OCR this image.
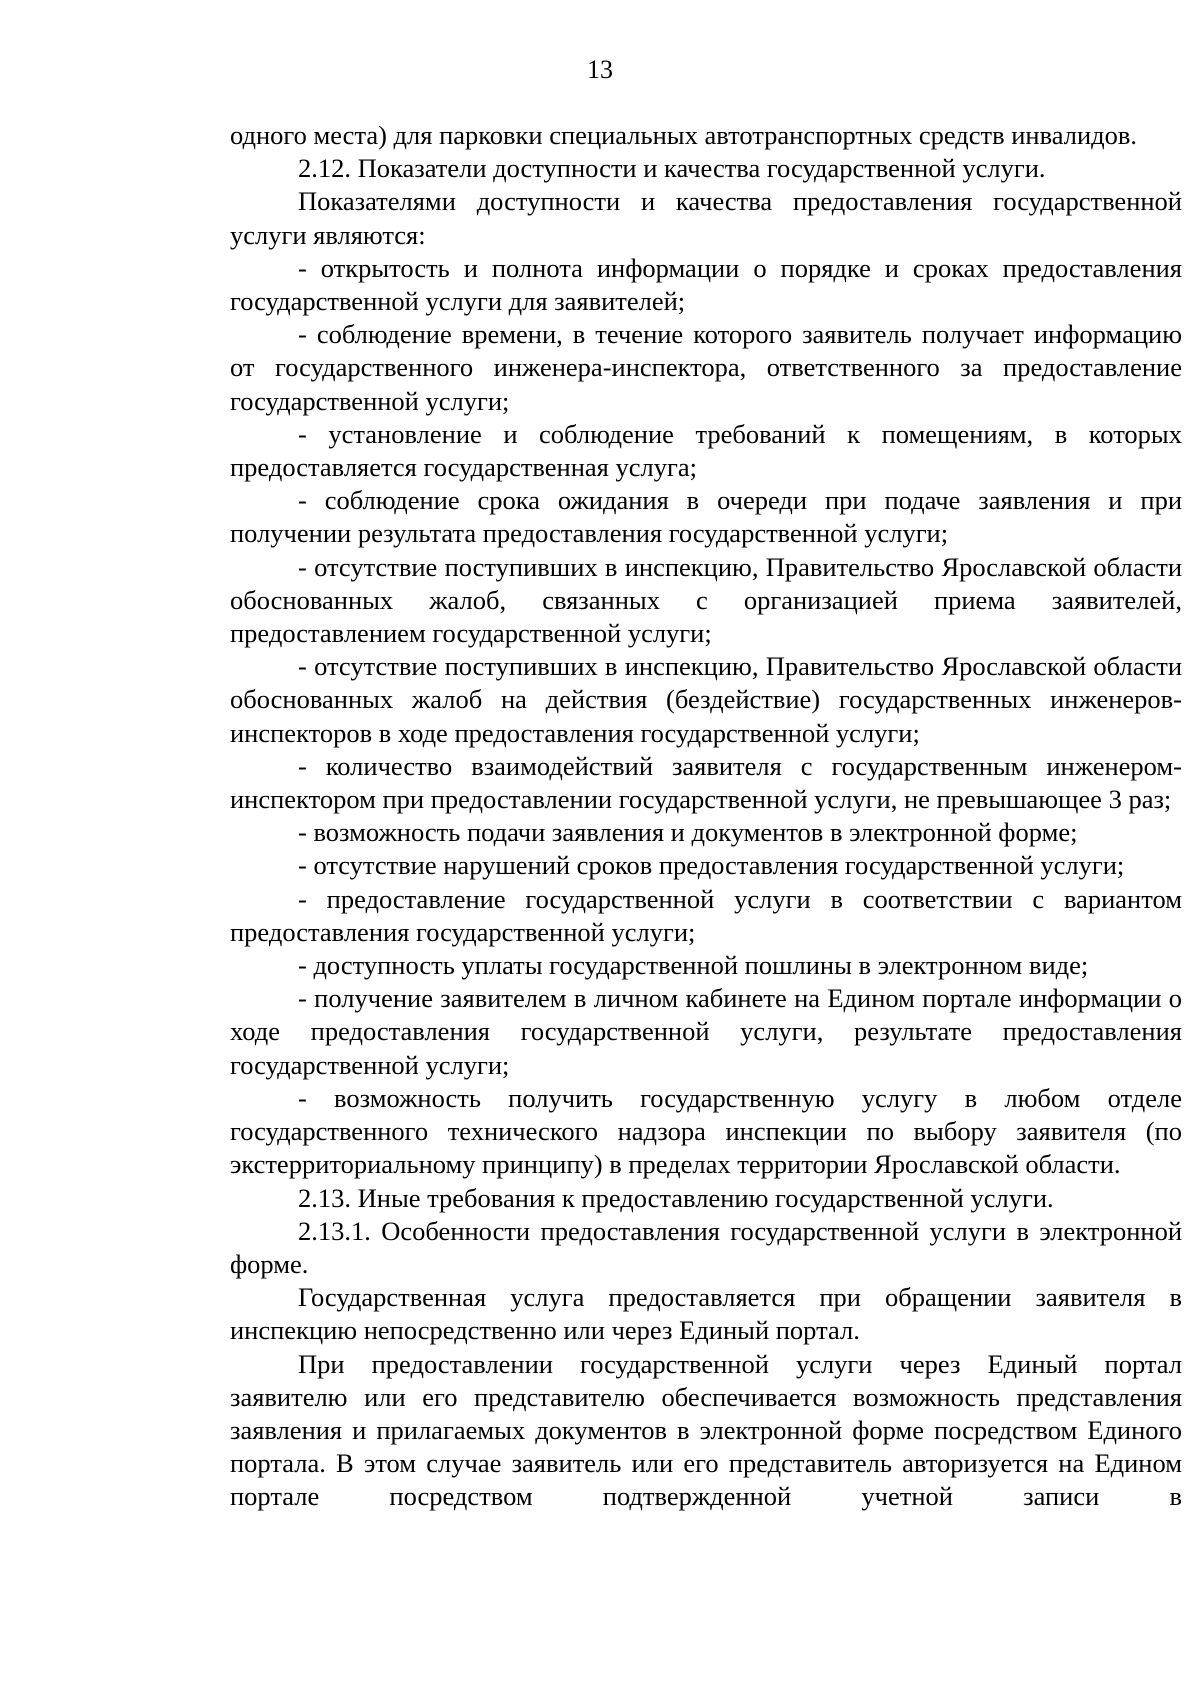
13

одного места) для парковки специальных автотранспортных средств инвалидов.

2.12. Показатели доступности и качества государственной услуги.

Показателями доступности и качества предоставления государственной услуги являются:

- открытость и полнота информации о порядке и сроках предоставления государственной услуги для заявителей;

- соблюдение времени, в течение которого заявитель получает информацию от государственного инженера-инспектора, ответственного за предоставление государственной услуги;

- установление и соблюдение требований к помещениям, в которых предоставляется государственная услуга;

- соблюдение срока ожидания в очереди при подаче заявления и при получении результата предоставления государственной услуги;

- отсутствие поступивших в инспекцию, Правительство Ярославской области обоснованных жалоб, связанных с организацией приема заявителей, предоставлением государственной услуги;

- отсутствие поступивших в инспекцию, Правительство Ярославской области обоснованных жалоб на действия (бездействие) государственных инженеров-инспекторов в ходе предоставления государственной услуги;

- количество взаимодействий заявителя с государственным инженером-инспектором при предоставлении государственной услуги, не превышающее 3 раз;

- возможность подачи заявления и документов в электронной форме;

- отсутствие нарушений сроков предоставления государственной услуги;

- предоставление государственной услуги в соответствии с вариантом предоставления государственной услуги;

- доступность уплаты государственной пошлины в электронном виде;

- получение заявителем в личном кабинете на Едином портале информации о ходе предоставления государственной услуги, результате предоставления государственной услуги;

- возможность получить государственную услугу в любом отделе государственного технического надзора инспекции по выбору заявителя (по экстерриториальному принципу) в пределах территории Ярославской области.

2.13. Иные требования к предоставлению государственной услуги.

2.13.1. Особенности предоставления государственной услуги в электронной форме.

Государственная услуга предоставляется при обращении заявителя в инспекцию непосредственно или через Единый портал.

При предоставлении государственной услуги через Единый портал заявителю или его представителю обеспечивается возможность представления заявления и прилагаемых документов в электронной форме посредством Единого портала. В этом случае заявитель или его представитель авторизуется на Едином портале посредством подтвержденной учетной записи в
